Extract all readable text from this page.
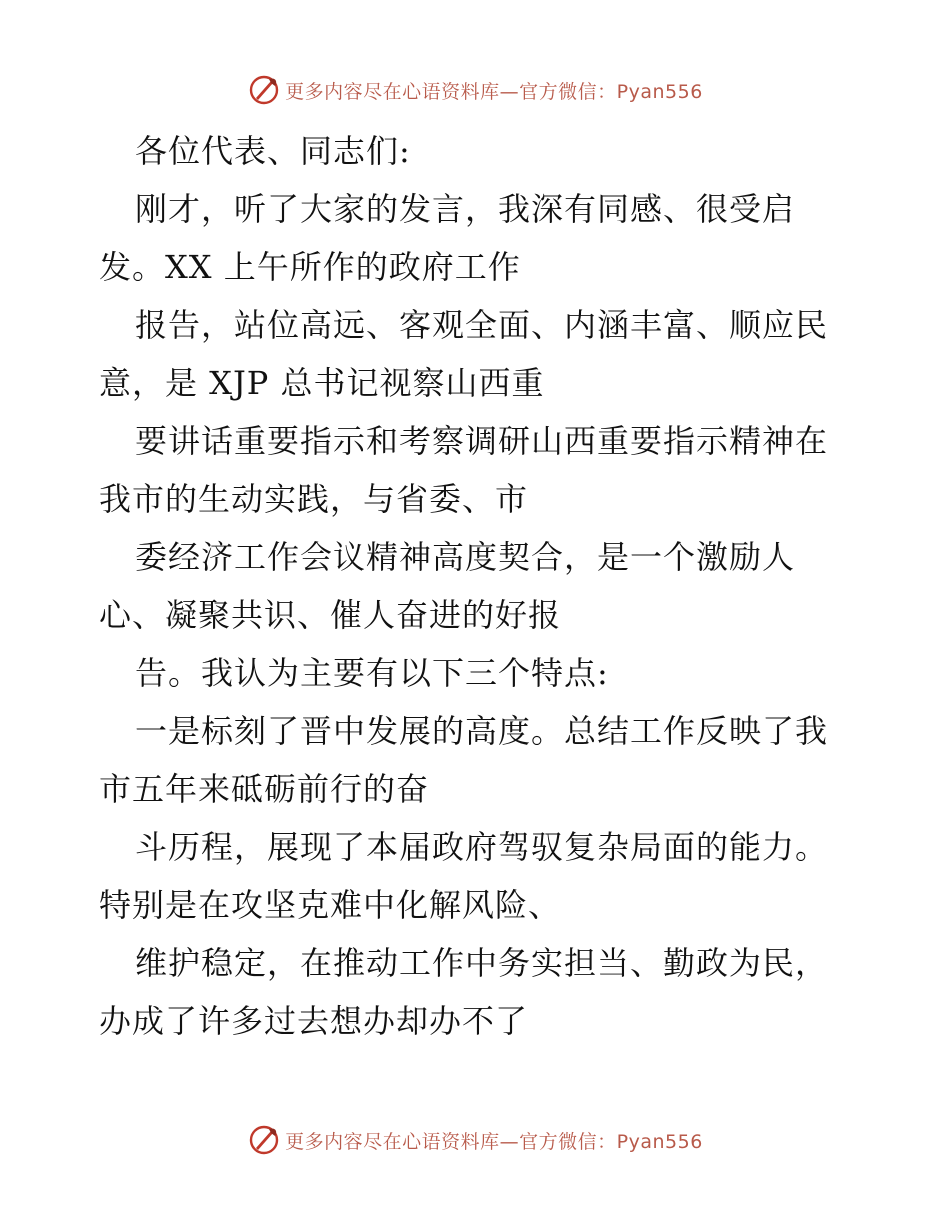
更多内容尽在心语资料库—官方微信：Pyan556
各位代表、同志们:
刚才，听了大家的发言，我深有同感、很受启
发。XX 上午所作的政府工作
报告，站位高远、客观全面、内涵丰富、顺应民
意，是 XJP 总书记视察山西重
要讲话重要指示和考察调研山西重要指示精神在
我市的生动实践，与省委、市
委经济工作会议精神高度契合，是一个激励人
心、凝聚共识、催人奋进的好报
告。我认为主要有以下三个特点:
一是标刻了晋中发展的高度。总结工作反映了我
市五年来砥砺前行的奋
斗历程，展现了本届政府驾驭复杂局面的能力。
特别是在攻坚克难中化解风险、
维护稳定，在推动工作中务实担当、勤政为民，
办成了许多过去想办却办不了
更多内容尽在心语资料库—官方微信：Pyan556
